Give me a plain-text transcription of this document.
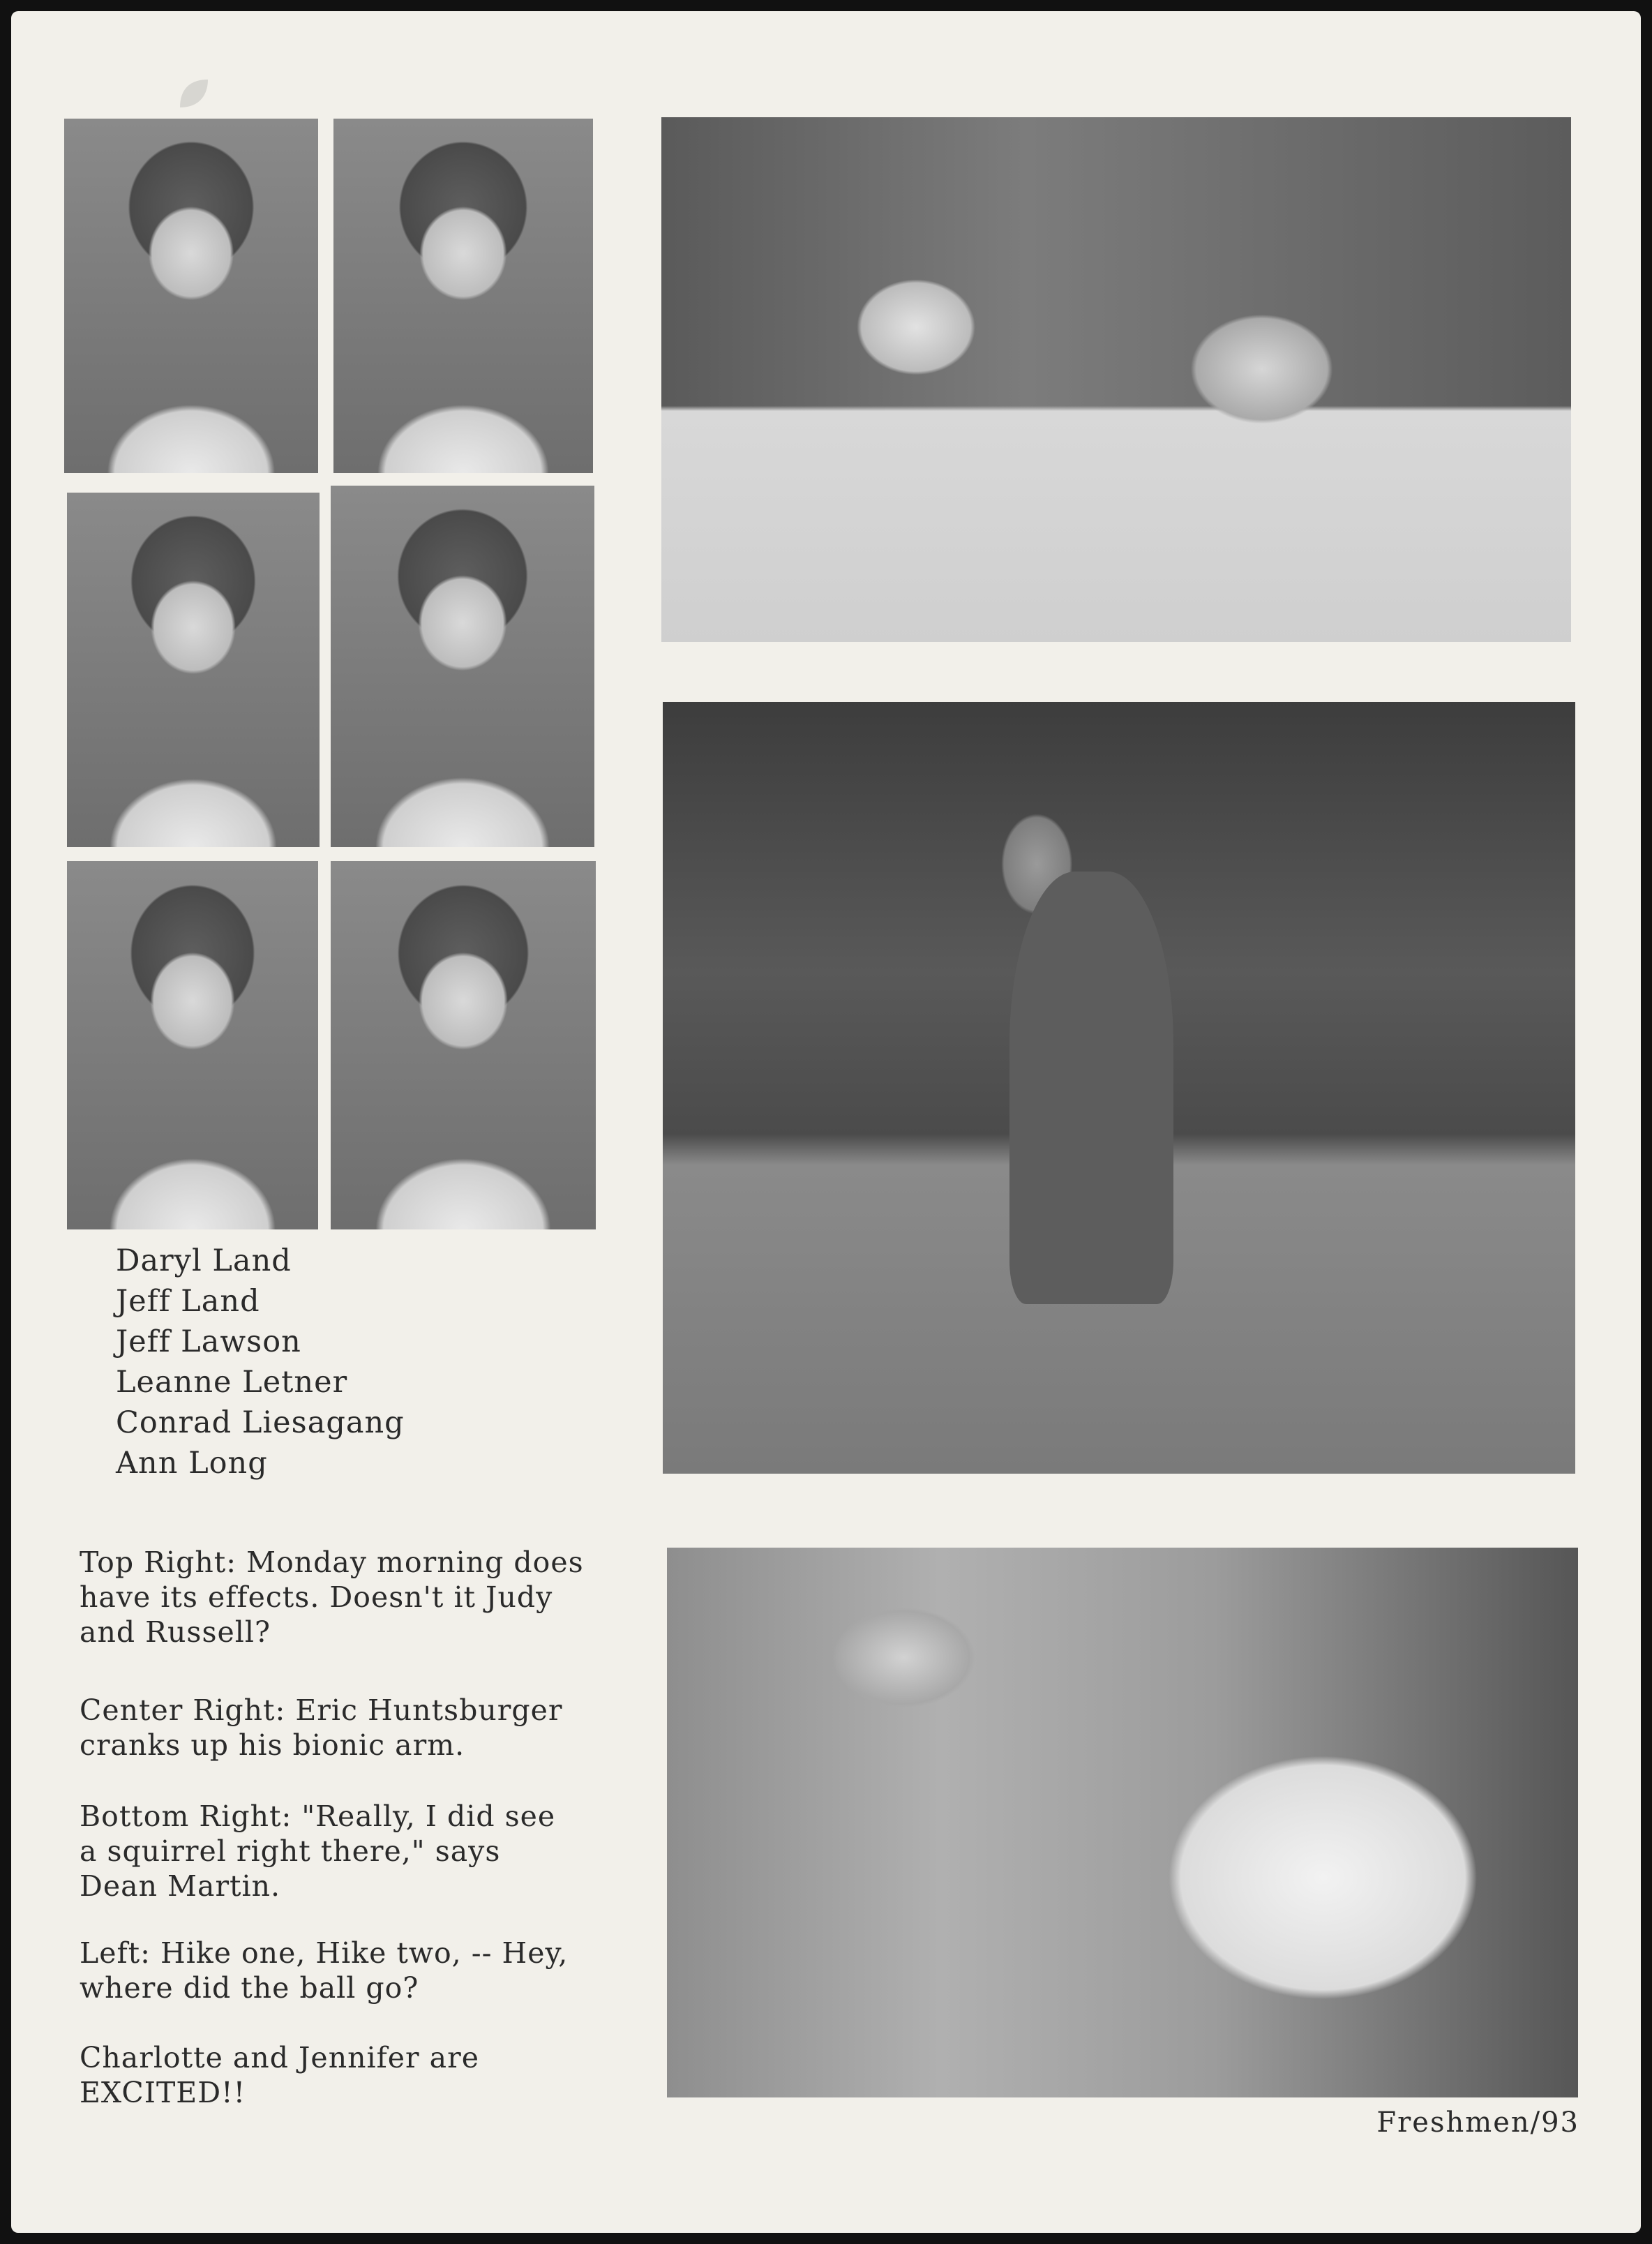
Daryl Land
Jeff Land
Jeff Lawson
Leanne Letner
Conrad Liesagang
Ann Long
Top Right: Monday morning does
have its effects. Doesn't it Judy
and Russell?
Center Right: Eric Huntsburger
cranks up his bionic arm.
Bottom Right: "Really, I did see
a squirrel right there," says
Dean Martin.
Left: Hike one, Hike two, -- Hey,
where did the ball go?
Charlotte and Jennifer are
EXCITED!!
Freshmen/93
